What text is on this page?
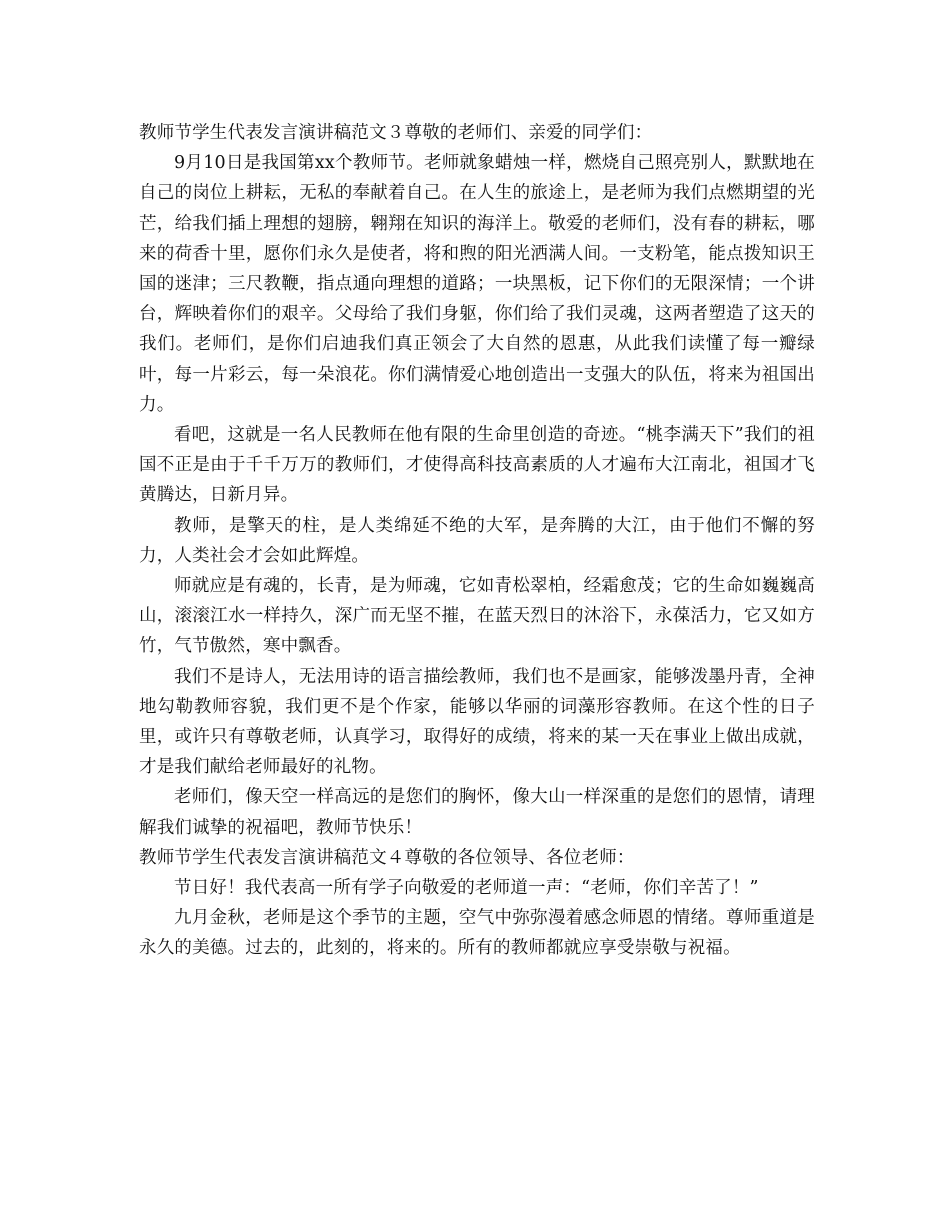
教师节学生代表发言演讲稿范文３尊敬的老师们、亲爱的同学们：

9月10日是我国第xx个教师节。老师就象蜡烛一样，燃烧自己照亮别人，默默地在自己的岗位上耕耘，无私的奉献着自己。在人生的旅途上，是老师为我们点燃期望的光芒，给我们插上理想的翅膀，翱翔在知识的海洋上。敬爱的老师们，没有春的耕耘，哪来的荷香十里，愿你们永久是使者，将和煦的阳光洒满人间。一支粉笔，能点拨知识王国的迷津；三尺教鞭，指点通向理想的道路；一块黑板，记下你们的无限深情；一个讲台，辉映着你们的艰辛。父母给了我们身躯，你们给了我们灵魂，这两者塑造了这天的我们。老师们，是你们启迪我们真正领会了大自然的恩惠，从此我们读懂了每一瓣绿叶，每一片彩云，每一朵浪花。你们满情爱心地创造出一支强大的队伍，将来为祖国出力。

看吧，这就是一名人民教师在他有限的生命里创造的奇迹。“桃李满天下”我们的祖国不正是由于千千万万的教师们，才使得高科技高素质的人才遍布大江南北，祖国才飞黄腾达，日新月异。

教师，是擎天的柱，是人类绵延不绝的大军，是奔腾的大江，由于他们不懈的努力，人类社会才会如此辉煌。

师就应是有魂的，长青，是为师魂，它如青松翠柏，经霜愈茂；它的生命如巍巍高山，滚滚江水一样持久，深广而无坚不摧，在蓝天烈日的沐浴下，永葆活力，它又如方竹，气节傲然，寒中飘香。

我们不是诗人，无法用诗的语言描绘教师，我们也不是画家，能够泼墨丹青，全神地勾勒教师容貌，我们更不是个作家，能够以华丽的词藻形容教师。在这个性的日子里，或许只有尊敬老师，认真学习，取得好的成绩，将来的某一天在事业上做出成就，才是我们献给老师最好的礼物。

老师们，像天空一样高远的是您们的胸怀，像大山一样深重的是您们的恩情，请理解我们诚挚的祝福吧，教师节快乐！

教师节学生代表发言演讲稿范文４尊敬的各位领导、各位老师：

节日好！我代表高一所有学子向敬爱的老师道一声：“老师，你们辛苦了！”

九月金秋，老师是这个季节的主题，空气中弥弥漫着感念师恩的情绪。尊师重道是永久的美德。过去的，此刻的，将来的。所有的教师都就应享受崇敬与祝福。
